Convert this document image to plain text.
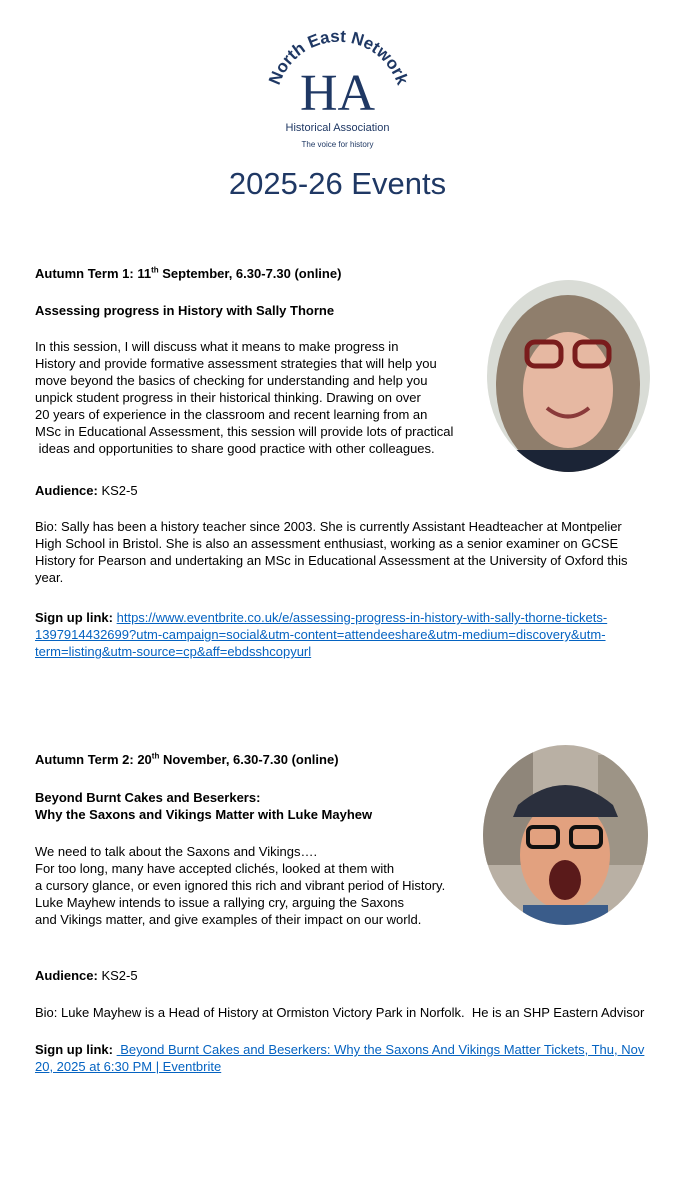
North East Network
HA
Historical Association
The voice for history
2025-26 Events
Autumn Term 1: 11th September, 6.30-7.30 (online)
Assessing progress in History with Sally Thorne
In this session, I will discuss what it means to make progress in
History and provide formative assessment strategies that will help you
move beyond the basics of checking for understanding and help you
unpick student progress in their historical thinking. Drawing on over
20 years of experience in the classroom and recent learning from an
MSc in Educational Assessment, this session will provide lots of practical
ideas and opportunities to share good practice with other colleagues.
Audience: KS2-5
Bio: Sally has been a history teacher since 2003. She is currently Assistant Headteacher at Montpelier
High School in Bristol. She is also an assessment enthusiast, working as a senior examiner on GCSE
History for Pearson and undertaking an MSc in Educational Assessment at the University of Oxford this
year.
Sign up link: https://www.eventbrite.co.uk/e/assessing-progress-in-history-with-sally-thorne-tickets-
1397914432699?utm-campaign=social&utm-content=attendeeshare&utm-medium=discovery&utm-
term=listing&utm-source=cp&aff=ebdsshcopyurl
Autumn Term 2: 20th November, 6.30-7.30 (online)
Beyond Burnt Cakes and Beserkers:
Why the Saxons and Vikings Matter with Luke Mayhew
We need to talk about the Saxons and Vikings….
For too long, many have accepted clichés, looked at them with
a cursory glance, or even ignored this rich and vibrant period of History.
Luke Mayhew intends to issue a rallying cry, arguing the Saxons
and Vikings matter, and give examples of their impact on our world.
Audience: KS2-5
Bio: Luke Mayhew is a Head of History at Ormiston Victory Park in Norfolk.  He is an SHP Eastern Advisor
Sign up link: Beyond Burnt Cakes and Beserkers: Why the Saxons And Vikings Matter Tickets, Thu, Nov
20, 2025 at 6:30 PM | Eventbrite
